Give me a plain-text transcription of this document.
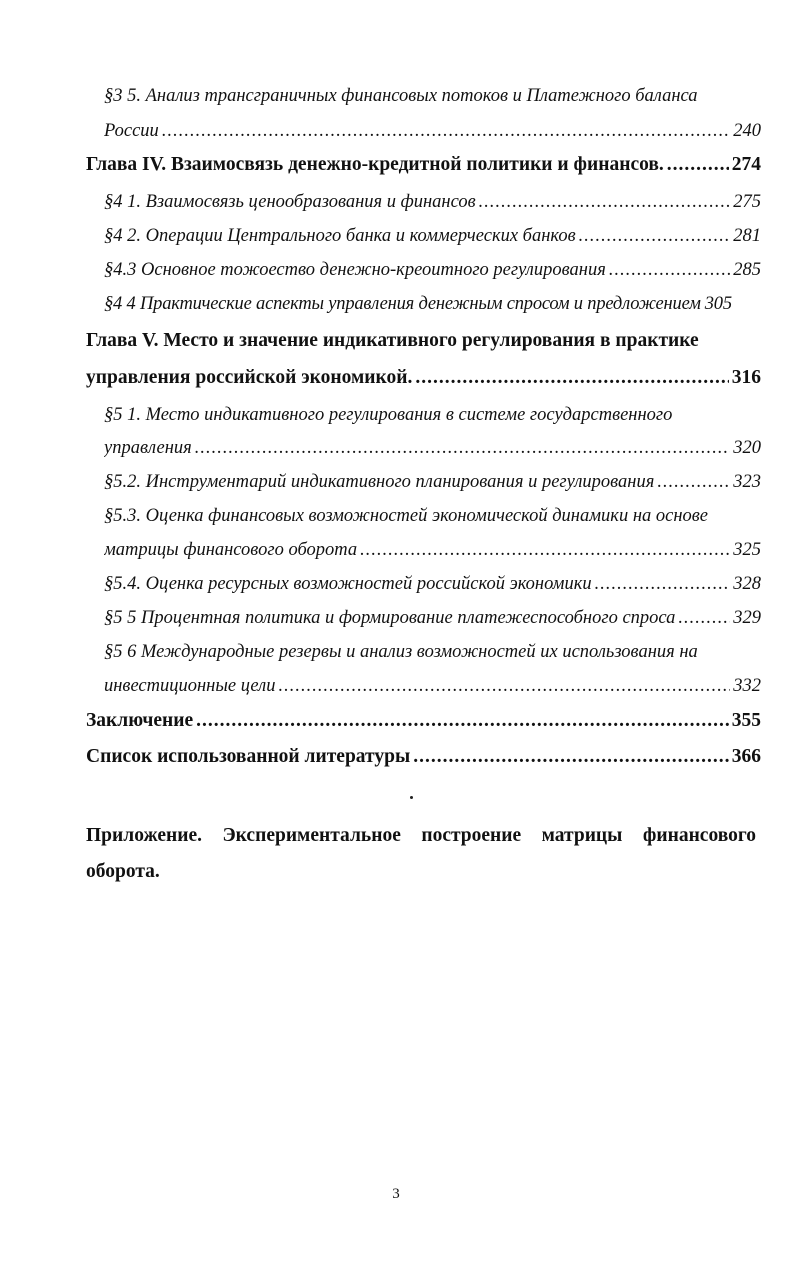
§3 5. Анализ трансграничных финансовых потоков и Платежного баланса
России .....	240
Глава IV. Взаимосвязь денежно-кредитной политики и финансов. .....	274
§4 1. Взаимосвязь ценообразования и финансов .....	275
§4 2. Операции Центрального банка и коммерческих банков .....	281
§4.3 Основное тожоество денежно-креоитного регулирования .....	285
§4 4 Практические аспекты управления денежным спросом и предложением 305
Глава V. Место и значение индикативного регулирования в практике
управления российской экономикой. .....	316
§5 1. Место индикативного регулирования в системе государственного
управления .....	320
§5.2. Инструментарий индикативного планирования и регулирования .....	323
§5.3. Оценка финансовых возможностей экономической динамики на основе
матрицы финансового оборота .....	325
§5.4. Оценка ресурсных возможностей российской экономики .....	328
§5 5 Процентная политика и формирование платежеспособного спроса .....	329
§5 6 Международные резервы и анализ возможностей их использования на
инвестиционные цели .....	332
Заключение .....	355
Список использованной литературы .....	366
Приложение. Экспериментальное построение матрицы финансового оборота.
3
